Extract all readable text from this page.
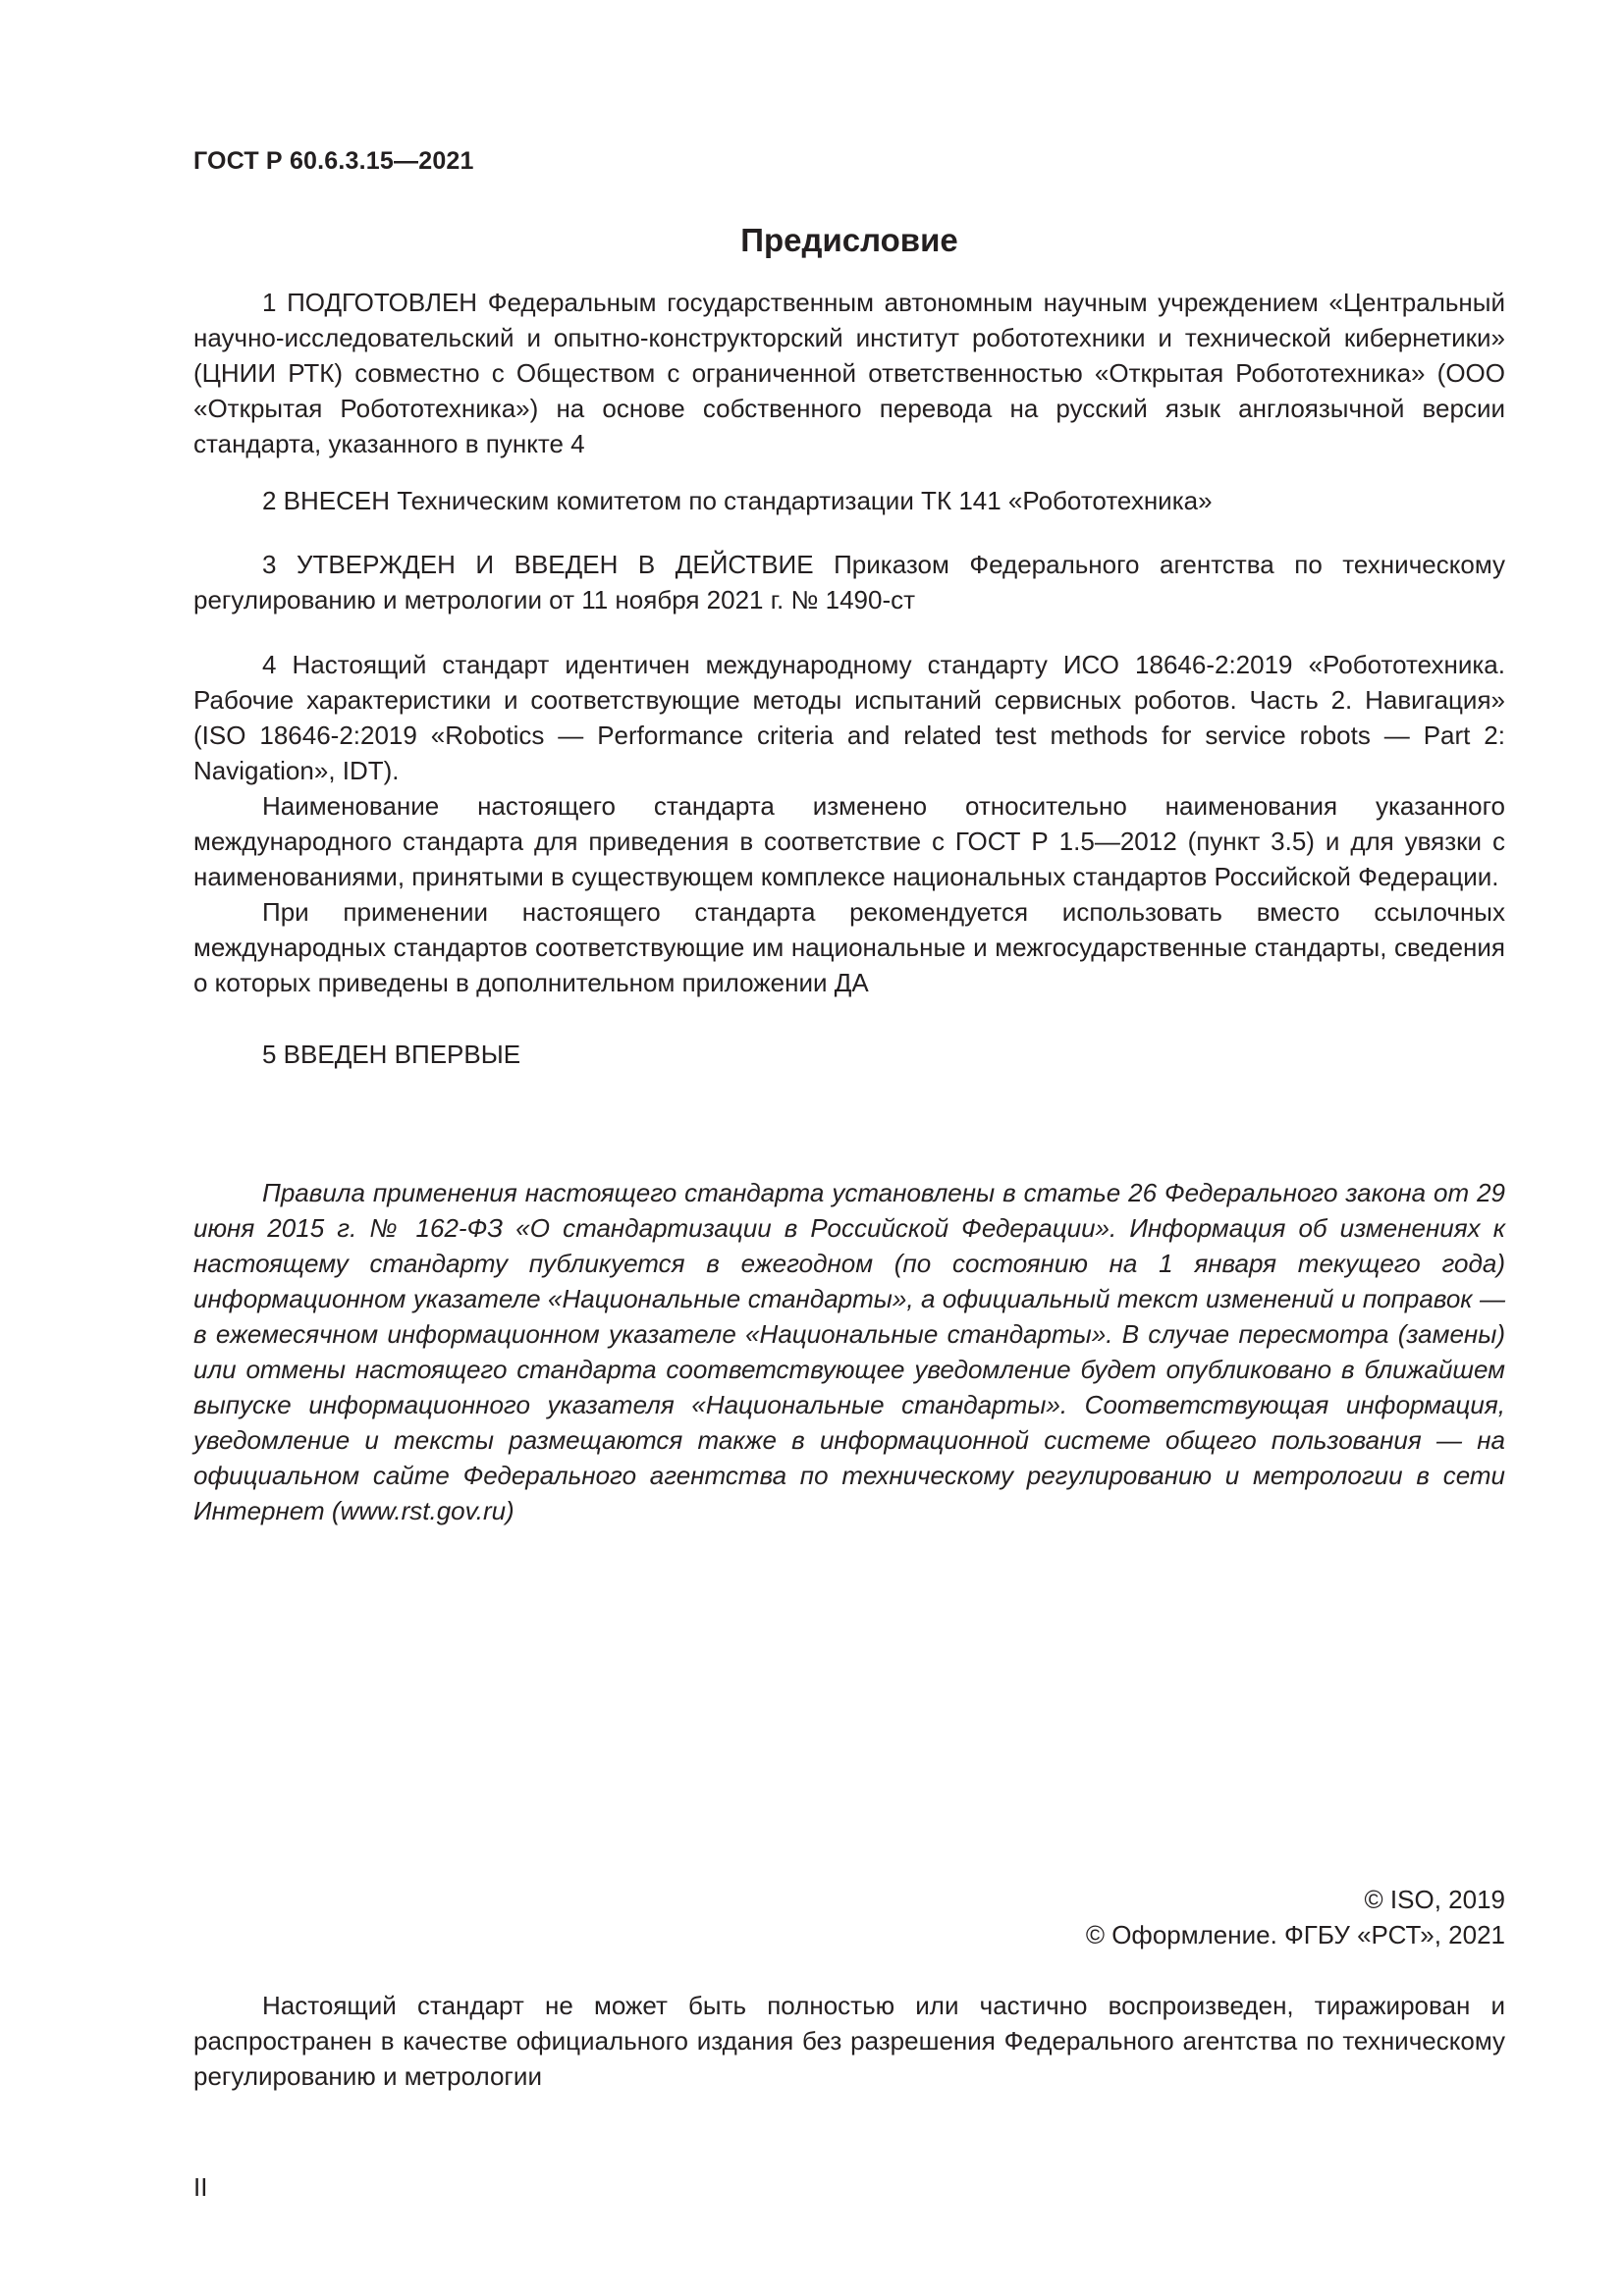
ГОСТ Р 60.6.3.15—2021
Предисловие

1 ПОДГОТОВЛЕН Федеральным государственным автономным научным учреждением «Центральный научно-исследовательский и опытно-конструкторский институт робототехники и технической кибернетики» (ЦНИИ РТК) совместно с Обществом с ограниченной ответственностью «Открытая Робототехника» (ООО «Открытая Робототехника») на основе собственного перевода на русский язык англоязычной версии стандарта, указанного в пункте 4

2 ВНЕСЕН Техническим комитетом по стандартизации ТК 141 «Робототехника»

3 УТВЕРЖДЕН И ВВЕДЕН В ДЕЙСТВИЕ Приказом Федерального агентства по техническому регулированию и метрологии от 11 ноября 2021 г. № 1490-ст

4 Настоящий стандарт идентичен международному стандарту ИСО 18646-2:2019 «Робототехника. Рабочие характеристики и соответствующие методы испытаний сервисных роботов. Часть 2. Навигация» (ISO 18646-2:2019 «Robotics — Performance criteria and related test methods for service robots — Part 2: Navigation», IDT).

Наименование настоящего стандарта изменено относительно наименования указанного международного стандарта для приведения в соответствие с ГОСТ Р 1.5—2012 (пункт 3.5) и для увязки с наименованиями, принятыми в существующем комплексе национальных стандартов Российской Федерации.

При применении настоящего стандарта рекомендуется использовать вместо ссылочных международных стандартов соответствующие им национальные и межгосударственные стандарты, сведения о которых приведены в дополнительном приложении ДА

5 ВВЕДЕН ВПЕРВЫЕ

Правила применения настоящего стандарта установлены в статье 26 Федерального закона от 29 июня 2015 г. № 162-ФЗ «О стандартизации в Российской Федерации». Информация об изменениях к настоящему стандарту публикуется в ежегодном (по состоянию на 1 января текущего года) информационном указателе «Национальные стандарты», а официальный текст изменений и поправок — в ежемесячном информационном указателе «Национальные стандарты». В случае пересмотра (замены) или отмены настоящего стандарта соответствующее уведомление будет опубликовано в ближайшем выпуске информационного указателя «Национальные стандарты». Соответствующая информация, уведомление и тексты размещаются также в информационной системе общего пользования — на официальном сайте Федерального агентства по техническому регулированию и метрологии в сети Интернет (www.rst.gov.ru)

© ISO, 2019
© Оформление. ФГБУ «РСТ», 2021

Настоящий стандарт не может быть полностью или частично воспроизведен, тиражирован и распространен в качестве официального издания без разрешения Федерального агентства по техническому регулированию и метрологии

II
